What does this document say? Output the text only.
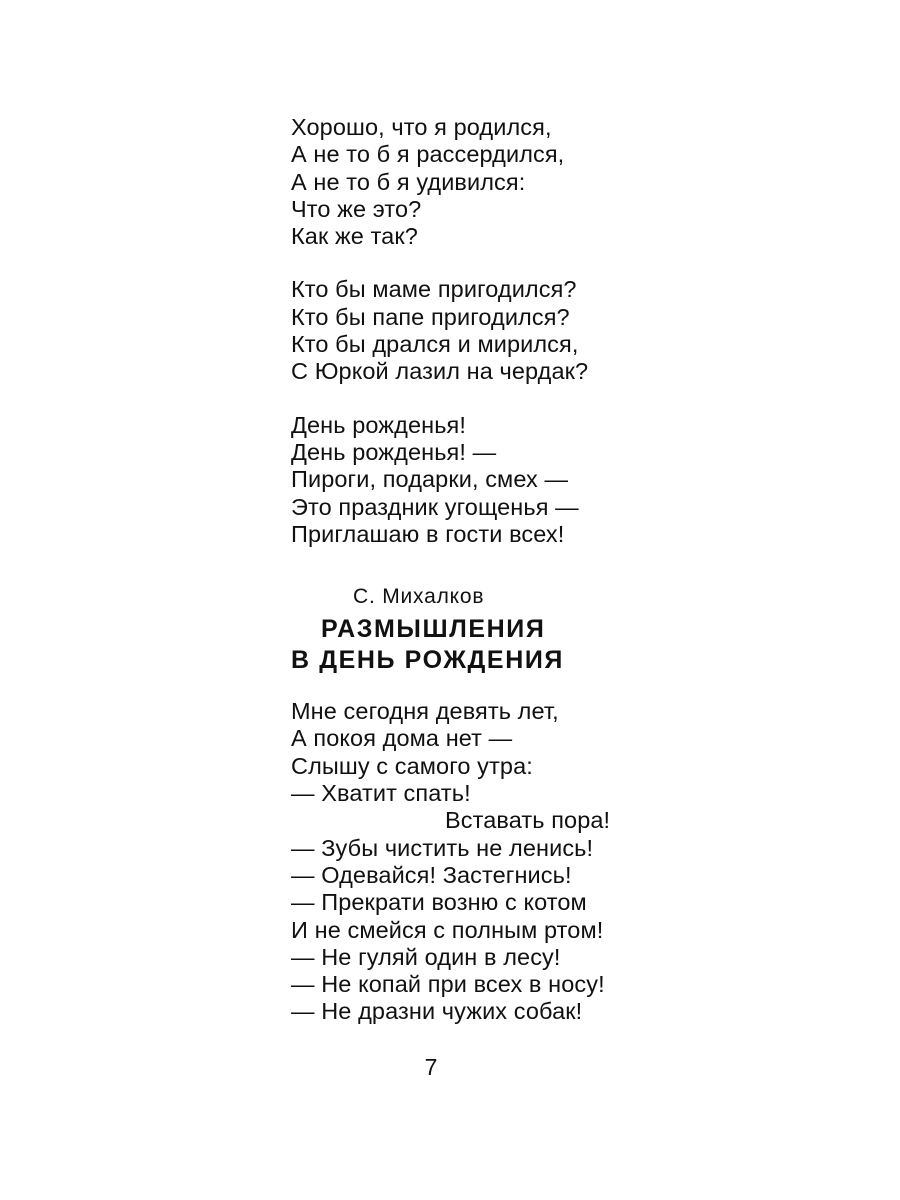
Хорошо, что я родился,
А не то б я рассердился,
А не то б я удивился:
Что же это?
Как же так?
Кто бы маме пригодился?
Кто бы папе пригодился?
Кто бы дрался и мирился,
С Юркой лазил на чердак?
День рожденья!
День рожденья! —
Пироги, подарки, смех —
Это праздник угощенья —
Приглашаю в гости всех!
С. Михалков
РАЗМЫШЛЕНИЯ
В ДЕНЬ РОЖДЕНИЯ
Мне сегодня девять лет,
А покоя дома нет —
Слышу с самого утра:
— Хватит спать!
Вставать пора!
— Зубы чистить не ленись!
— Одевайся! Застегнись!
— Прекрати возню с котом
И не смейся с полным ртом!
— Не гуляй один в лесу!
— Не копай при всех в носу!
— Не дразни чужих собак!
7
